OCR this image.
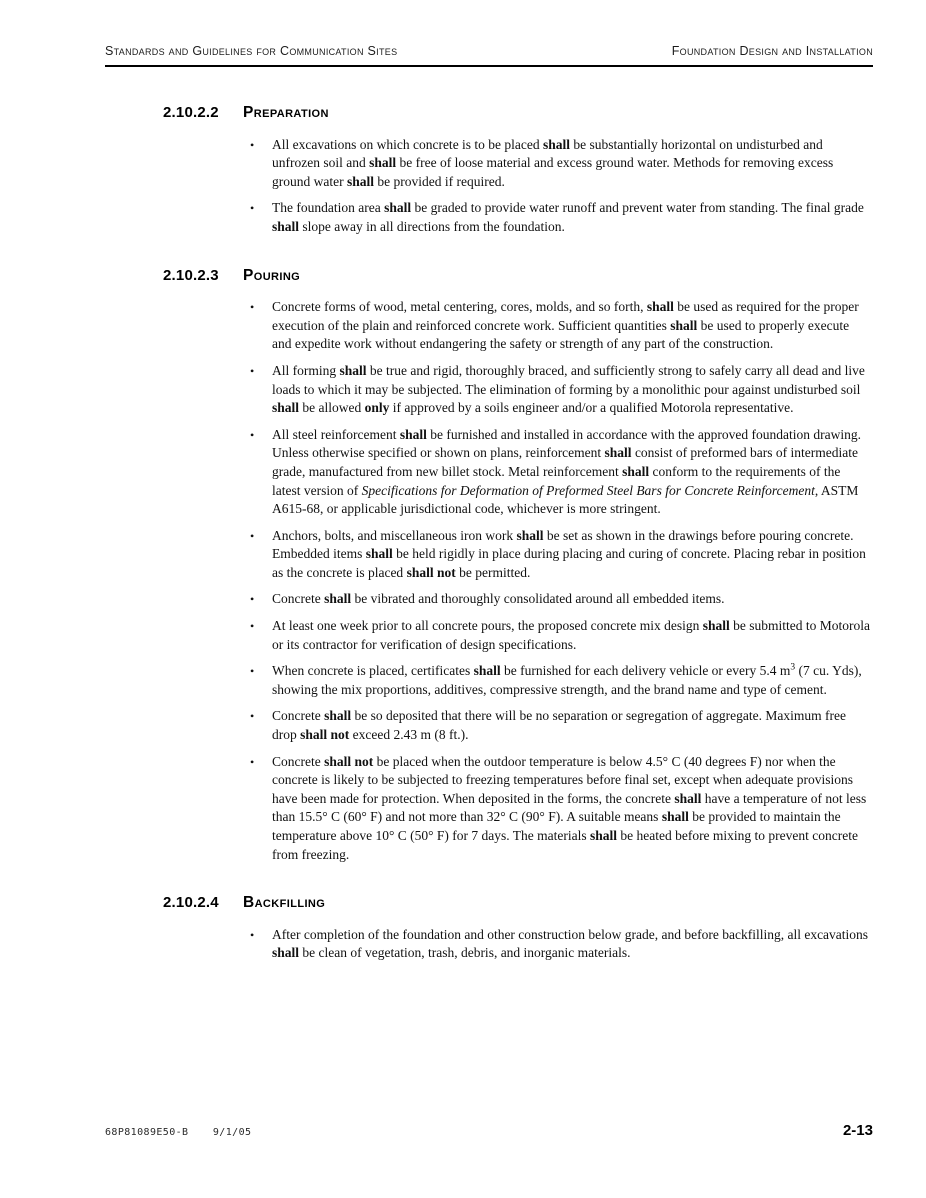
Standards and Guidelines for Communication Sites	Foundation Design and Installation
2.10.2.2	Preparation
• All excavations on which concrete is to be placed shall be substantially horizontal on undisturbed and unfrozen soil and shall be free of loose material and excess ground water. Methods for removing excess ground water shall be provided if required.
• The foundation area shall be graded to provide water runoff and prevent water from standing. The final grade shall slope away in all directions from the foundation.
2.10.2.3	Pouring
• Concrete forms of wood, metal centering, cores, molds, and so forth, shall be used as required for the proper execution of the plain and reinforced concrete work. Sufficient quantities shall be used to properly execute and expedite work without endangering the safety or strength of any part of the construction.
• All forming shall be true and rigid, thoroughly braced, and sufficiently strong to safely carry all dead and live loads to which it may be subjected. The elimination of forming by a monolithic pour against undisturbed soil shall be allowed only if approved by a soils engineer and/or a qualified Motorola representative.
• All steel reinforcement shall be furnished and installed in accordance with the approved foundation drawing. Unless otherwise specified or shown on plans, reinforcement shall consist of preformed bars of intermediate grade, manufactured from new billet stock. Metal reinforcement shall conform to the requirements of the latest version of Specifications for Deformation of Preformed Steel Bars for Concrete Reinforcement, ASTM A615-68, or applicable jurisdictional code, whichever is more stringent.
• Anchors, bolts, and miscellaneous iron work shall be set as shown in the drawings before pouring concrete. Embedded items shall be held rigidly in place during placing and curing of concrete. Placing rebar in position as the concrete is placed shall not be permitted.
• Concrete shall be vibrated and thoroughly consolidated around all embedded items.
• At least one week prior to all concrete pours, the proposed concrete mix design shall be submitted to Motorola or its contractor for verification of design specifications.
• When concrete is placed, certificates shall be furnished for each delivery vehicle or every 5.4 $m^3$ (7 cu. Yds), showing the mix proportions, additives, compressive strength, and the brand name and type of cement.
• Concrete shall be so deposited that there will be no separation or segregation of aggregate. Maximum free drop shall not exceed 2.43 m (8 ft.).
• Concrete shall not be placed when the outdoor temperature is below 4.5° C (40 degrees F) nor when the concrete is likely to be subjected to freezing temperatures before final set, except when adequate provisions have been made for protection. When deposited in the forms, the concrete shall have a temperature of not less than 15.5° C (60° F) and not more than 32° C (90° F). A suitable means shall be provided to maintain the temperature above 10° C (50° F) for 7 days. The materials shall be heated before mixing to prevent concrete from freezing.
2.10.2.4	Backfilling
• After completion of the foundation and other construction below grade, and before backfilling, all excavations shall be clean of vegetation, trash, debris, and inorganic materials.
68P81089E50-B 9/1/05	2-13
